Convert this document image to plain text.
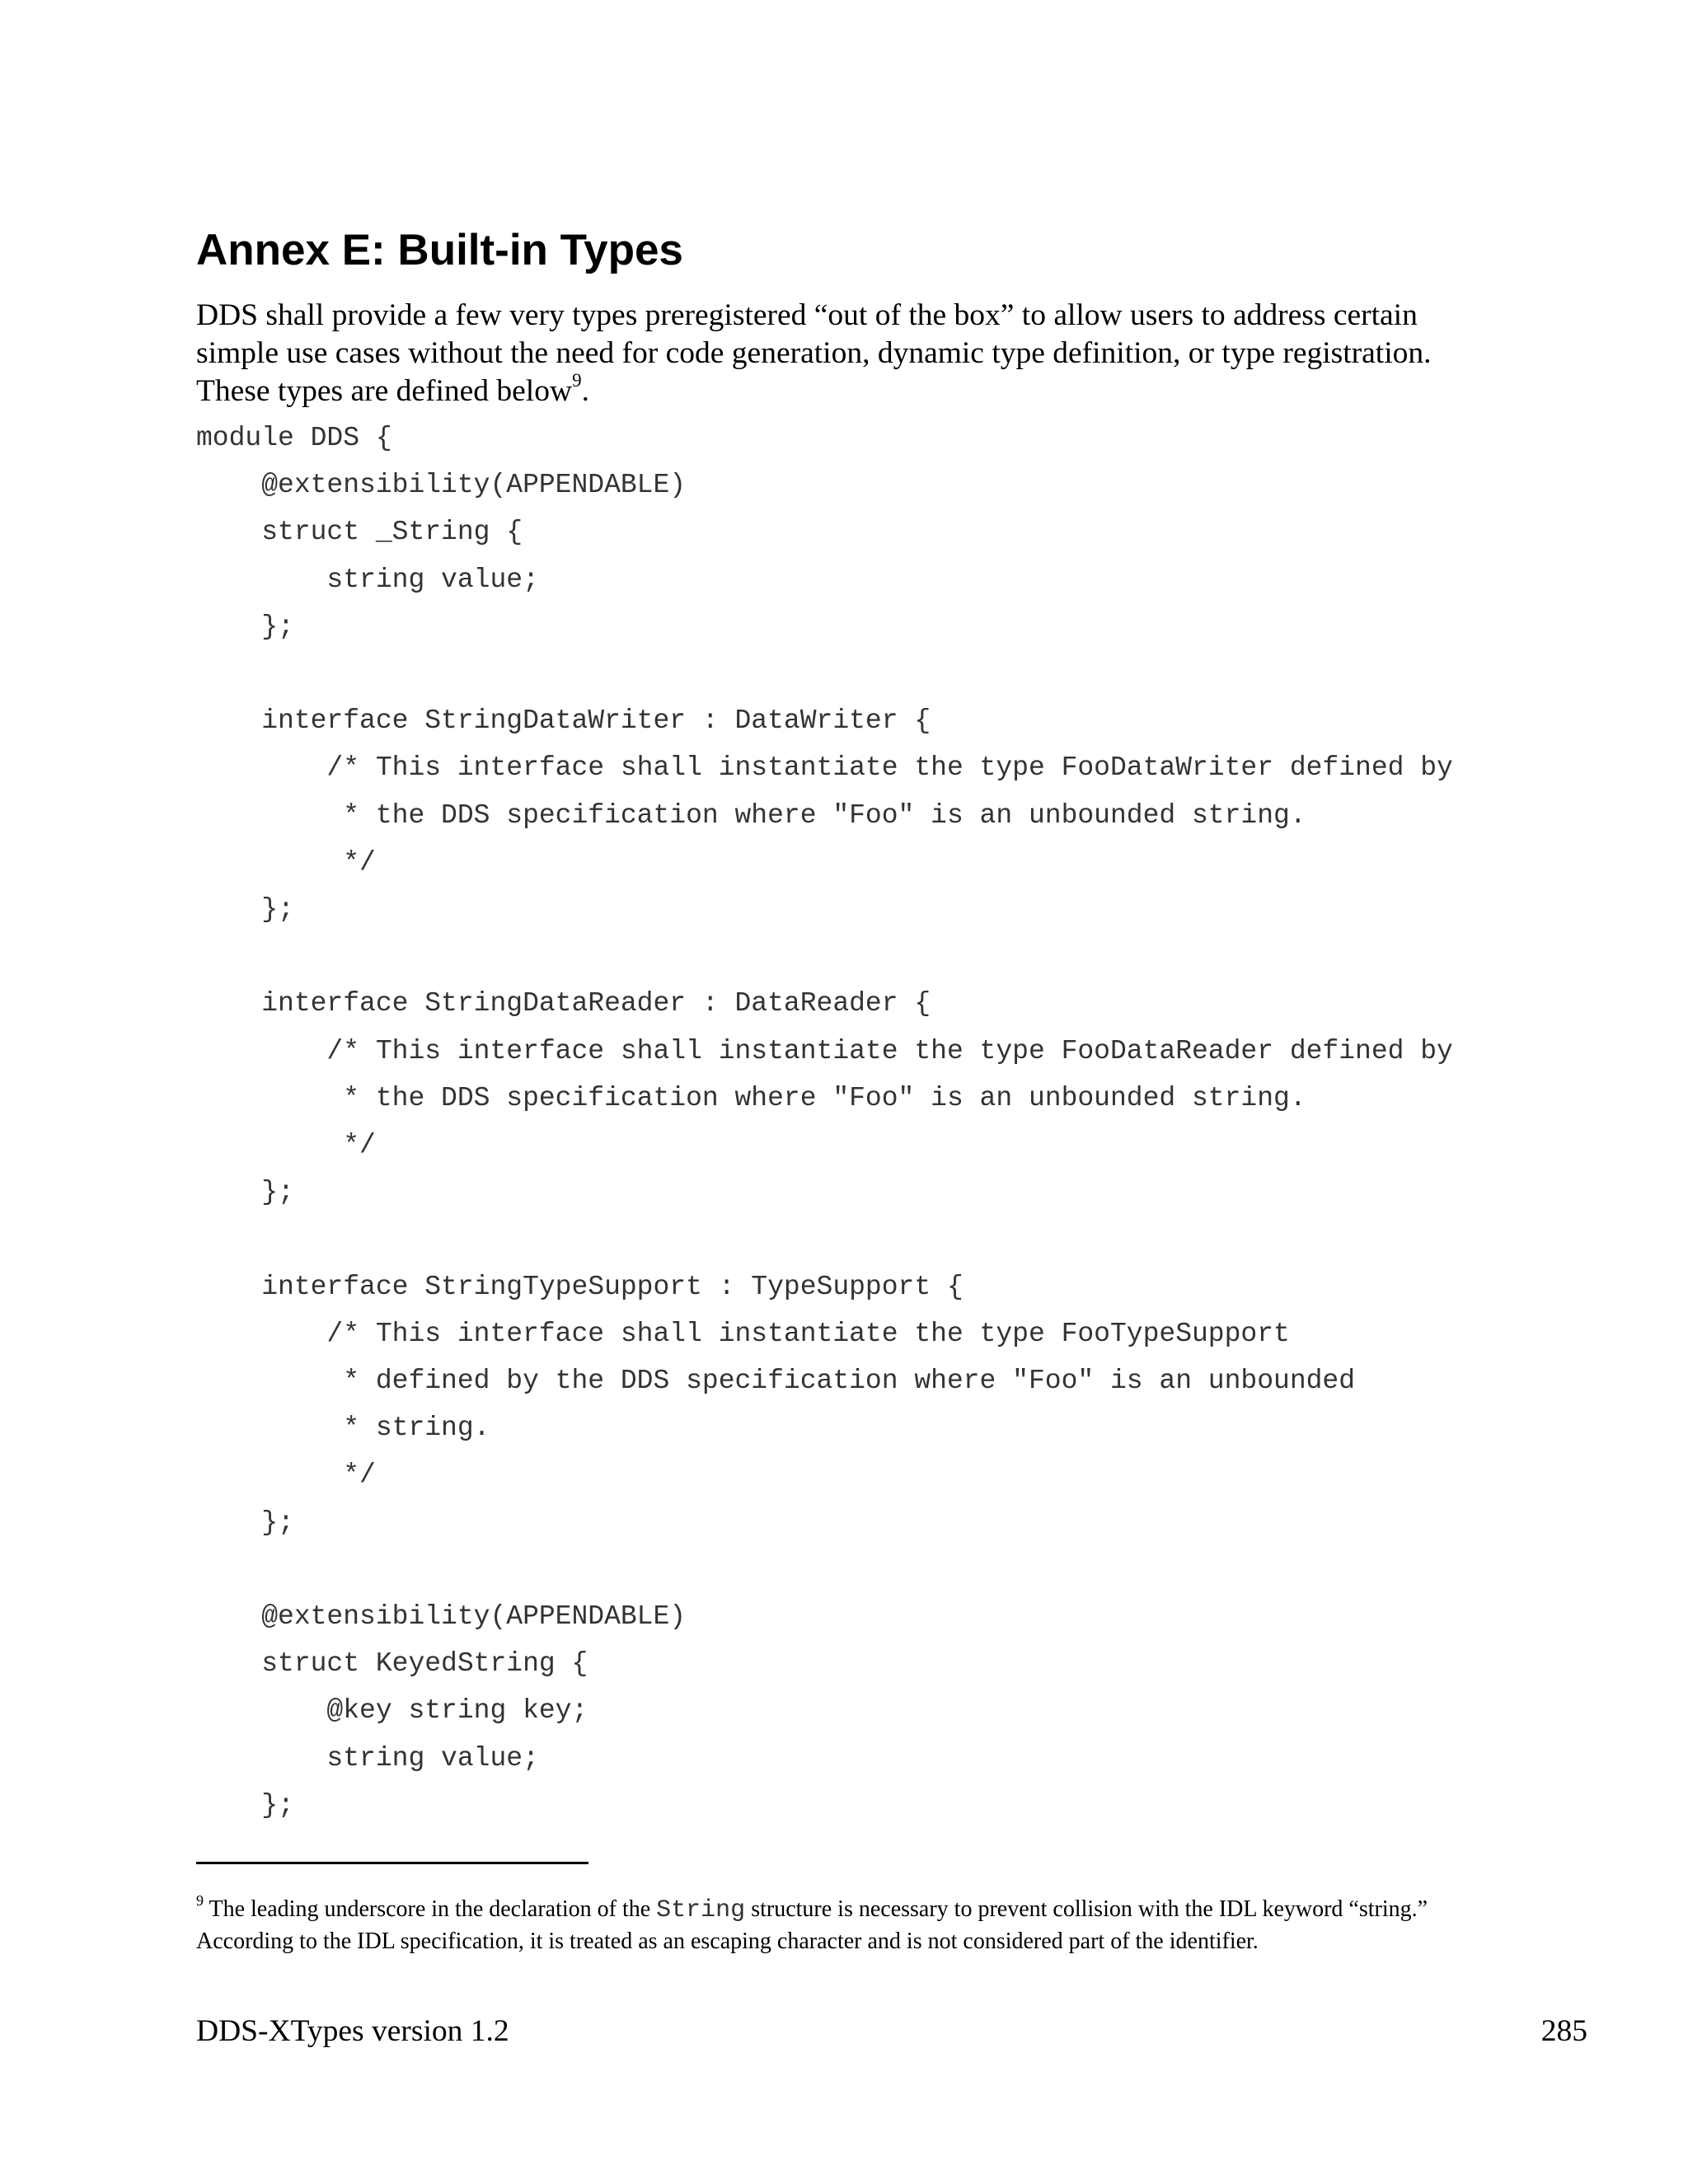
Annex E: Built-in Types

DDS shall provide a few very types preregistered “out of the box” to allow users to address certain simple use cases without the need for code generation, dynamic type definition, or type registration. These types are defined below$^9$.

module DDS {
@extensibility(APPENDABLE)
struct _String {
string value;
};
interface StringDataWriter : DataWriter {
/* This interface shall instantiate the type FooDataWriter defined by
* the DDS specification where "Foo" is an unbounded string.
*/
};
interface StringDataReader : DataReader {
/* This interface shall instantiate the type FooDataReader defined by
* the DDS specification where "Foo" is an unbounded string.
*/
};
interface StringTypeSupport : TypeSupport {
/* This interface shall instantiate the type FooTypeSupport
* defined by the DDS specification where "Foo" is an unbounded
* string.
*/
};
@extensibility(APPENDABLE)
struct KeyedString {
@key string key;
string value;
};

$^9$ The leading underscore in the declaration of the String structure is necessary to prevent collision with the IDL keyword “string.” According to the IDL specification, it is treated as an escaping character and is not considered part of the identifier.

DDS-XTypes version 1.2	285
